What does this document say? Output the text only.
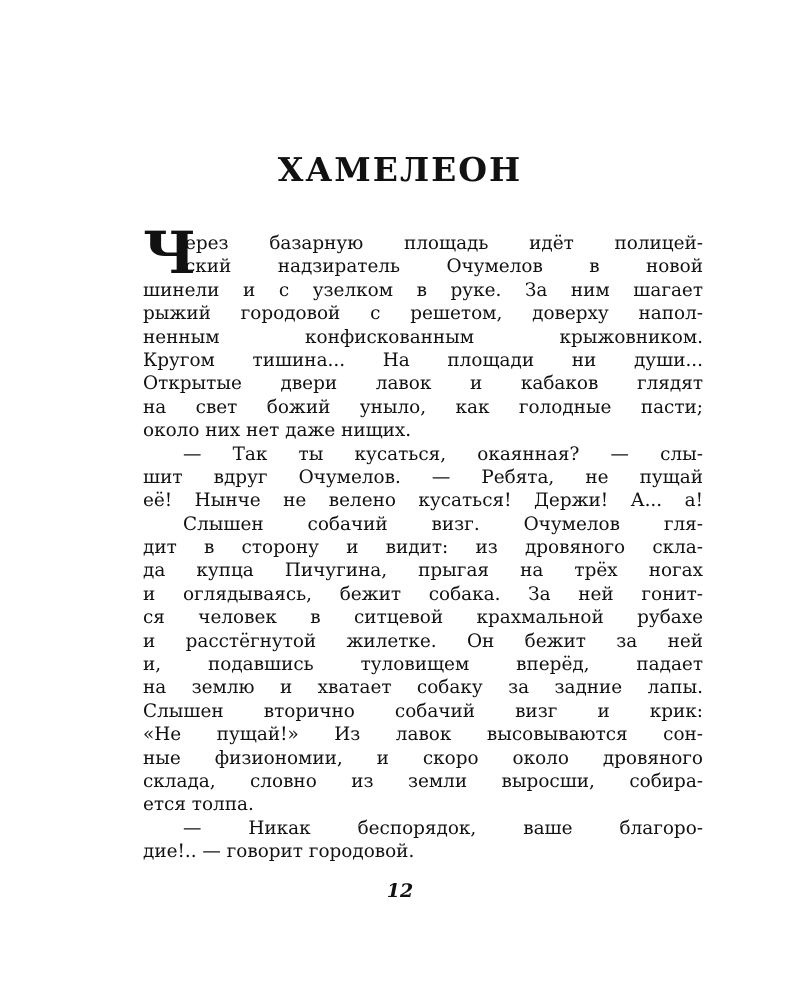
ХАМЕЛЕОН
Ч
ерез базарную площадь идёт полицей-
ский надзиратель Очумелов в новой
шинели и с узелком в руке. За ним шагает
рыжий городовой с решетом, доверху напол-
ненным конфискованным крыжовником.
Кругом тишина... На площади ни души...
Открытые двери лавок и кабаков глядят
на свет божий уныло, как голодные пасти;
около них нет даже нищих.
— Так ты кусаться, окаянная? — слы-
шит вдруг Очумелов. — Ребята, не пущай
её! Нынче не велено кусаться! Держи! А... а!
Слышен собачий визг. Очумелов гля-
дит в сторону и видит: из дровяного скла-
да купца Пичугина, прыгая на трёх ногах
и оглядываясь, бежит собака. За ней гонит-
ся человек в ситцевой крахмальной рубахе
и расстёгнутой жилетке. Он бежит за ней
и, подавшись туловищем вперёд, падает
на землю и хватает собаку за задние лапы.
Слышен вторично собачий визг и крик:
«Не пущай!» Из лавок высовываются сон-
ные физиономии, и скоро около дровяного
склада, словно из земли выросши, собира-
ется толпа.
— Никак беспорядок, ваше благоро-
дие!.. — говорит городовой.
12
